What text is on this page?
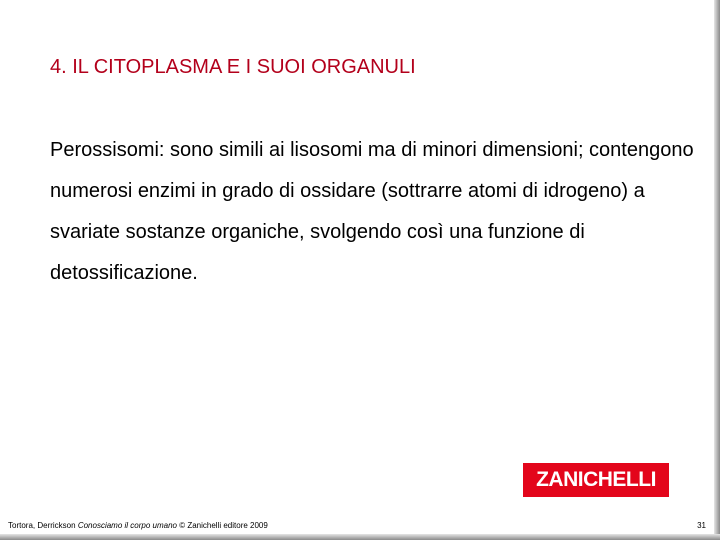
4. IL CITOPLASMA E I SUOI ORGANULI
Perossisomi: sono simili ai lisosomi ma di minori dimensioni; contengono numerosi enzimi in grado di ossidare (sottrarre atomi di idrogeno) a svariate sostanze organiche, svolgendo così una funzione di detossificazione.
ZANICHELLI
Tortora, Derrickson Conosciamo il corpo umano © Zanichelli editore 2009	31
